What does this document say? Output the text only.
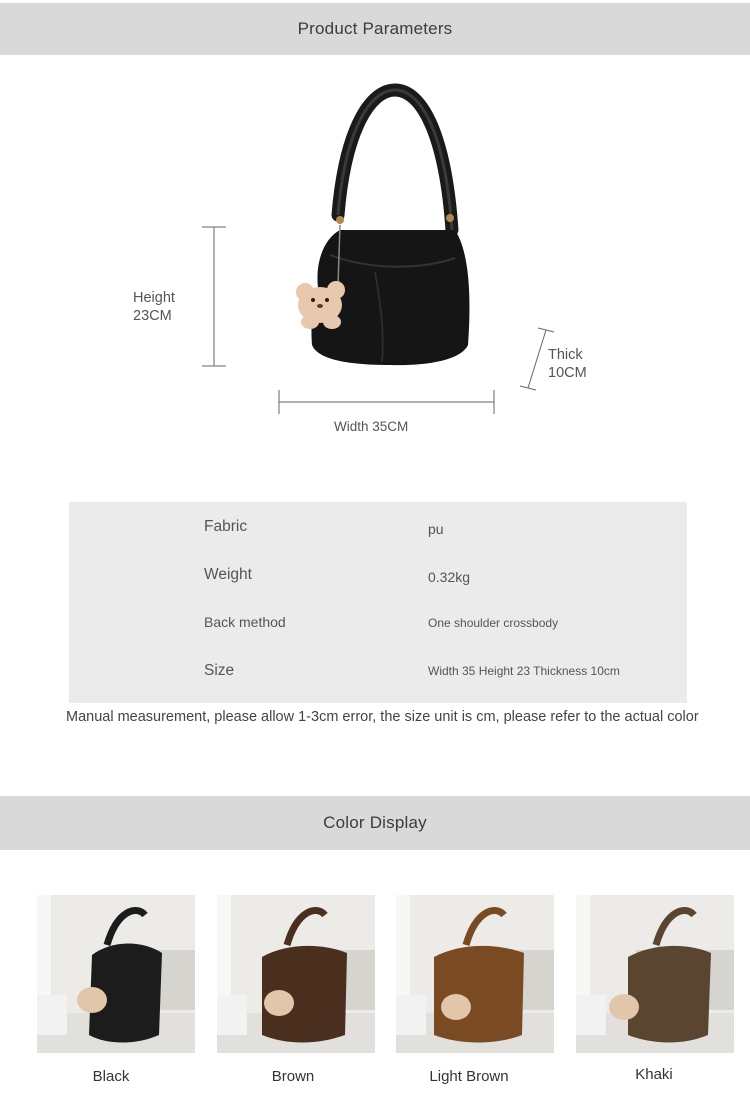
Product Parameters
Height
23CM
Thick
10CM
Width 35CM
Fabric	pu
Weight	0.32kg
Back method	One shoulder crossbody
Size	Width 35 Height 23 Thickness 10cm
Manual measurement, please allow 1-3cm error, the size unit is cm, please refer to the actual color
Color Display
Black	Brown	Light Brown	Khaki
